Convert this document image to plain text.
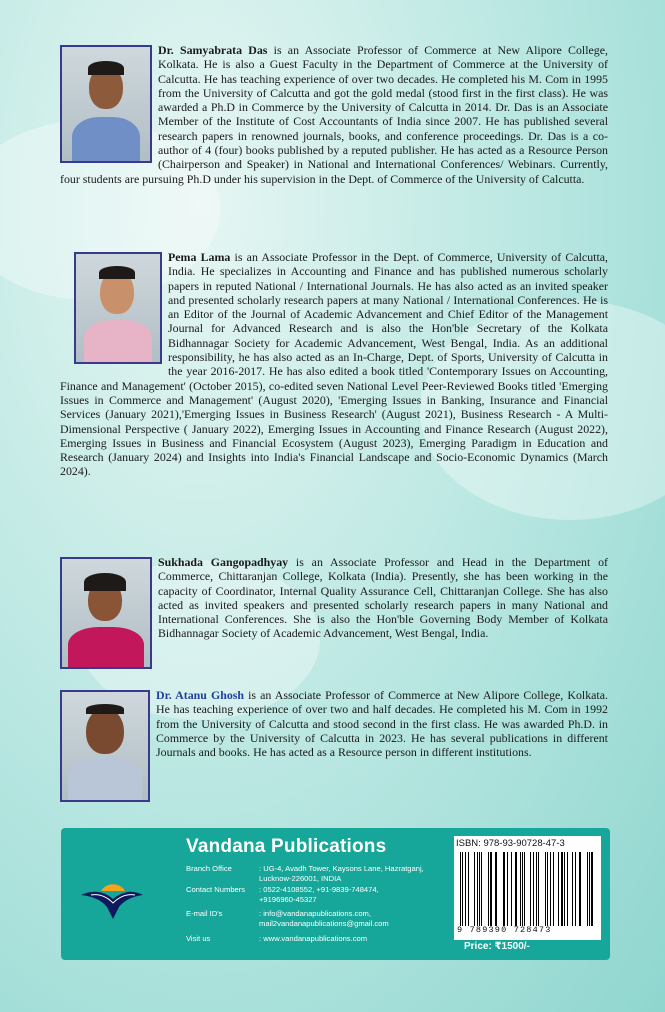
Dr. Samyabrata Das is an Associate Professor of Commerce at New Alipore College, Kolkata. He is also a Guest Faculty in the Department of Commerce at the University of Calcutta. He has teaching experience of over two decades. He completed his M. Com in 1995 from the University of Calcutta and got the gold medal (stood first in the first class). He was awarded a Ph.D in Commerce by the University of Calcutta in 2014. Dr. Das is an Associate Member of the Institute of Cost Accountants of India since 2007. He has published several research papers in renowned journals, books, and conference proceedings. Dr. Das is a co-author of 4 (four) books published by a reputed publisher. He has acted as a Resource Person (Chairperson and Speaker) in National and International Conferences/ Webinars. Currently, four students are pursuing Ph.D under his supervision in the Dept. of Commerce of the University of Calcutta.
Pema Lama is an Associate Professor in the Dept. of Commerce, University of Calcutta, India. He specializes in Accounting and Finance and has published numerous scholarly papers in reputed National / International Journals. He has also acted as an invited speaker and presented scholarly research papers at many National / International Conferences. He is an Editor of the Journal of Academic Advancement and Chief Editor of the Management Journal for Advanced Research and is also the Hon'ble Secretary of the Kolkata Bidhannagar Society for Academic Advancement, West Bengal, India. As an additional responsibility, he has also acted as an In-Charge, Dept. of Sports, University of Calcutta in the year 2016-2017. He has also edited a book titled 'Contemporary Issues on Accounting, Finance and Management' (October 2015), co-edited seven National Level Peer-Reviewed Books titled 'Emerging Issues in Commerce and Management' (August 2020), 'Emerging Issues in Banking, Insurance and Financial Services (January 2021),'Emerging Issues in Business Research' (August 2021), Business Research - A Multi-Dimensional Perspective ( January 2022), Emerging Issues in Accounting and Finance Research (August 2022), Emerging Issues in Business and Financial Ecosystem (August 2023), Emerging Paradigm in Education and Research (January 2024) and Insights into India's Financial Landscape and Socio-Economic Dynamics (March 2024).
Sukhada Gangopadhyay is an Associate Professor and Head in the Department of Commerce, Chittaranjan College, Kolkata (India). Presently, she has been working in the capacity of Coordinator, Internal Quality Assurance Cell, Chittaranjan College. She has also acted as invited speakers and presented scholarly research papers in many National and International Conferences. She is also the Hon'ble Governing Body Member of Kolkata Bidhannagar Society of Academic Advancement, West Bengal, India.
Dr. Atanu Ghosh is an Associate Professor of Commerce at New Alipore College, Kolkata. He has teaching experience of over two and half decades. He completed his M. Com in 1992 from the University of Calcutta and stood second in the first class. He was awarded Ph.D. in Commerce by the University of Calcutta in 2023. He has several publications in different Journals and books. He has acted as a Resource person in different institutions.
Vandana Publications
Branch Office	: UG-4, Avadh Tower, Kaysons Lane, Hazratganj,
Lucknow-226001, INDIA
Contact Numbers : 0522-4108552, +91-9839-748474,
+9196960-45327
E-mail ID's	: info@vandanapublications.com,
mail2vandanapublications@gmail.com
Visit us	: www.vandanapublications.com
ISBN: 978-93-90728-47-3
9 789390 728473
Price: ₹1500/-
